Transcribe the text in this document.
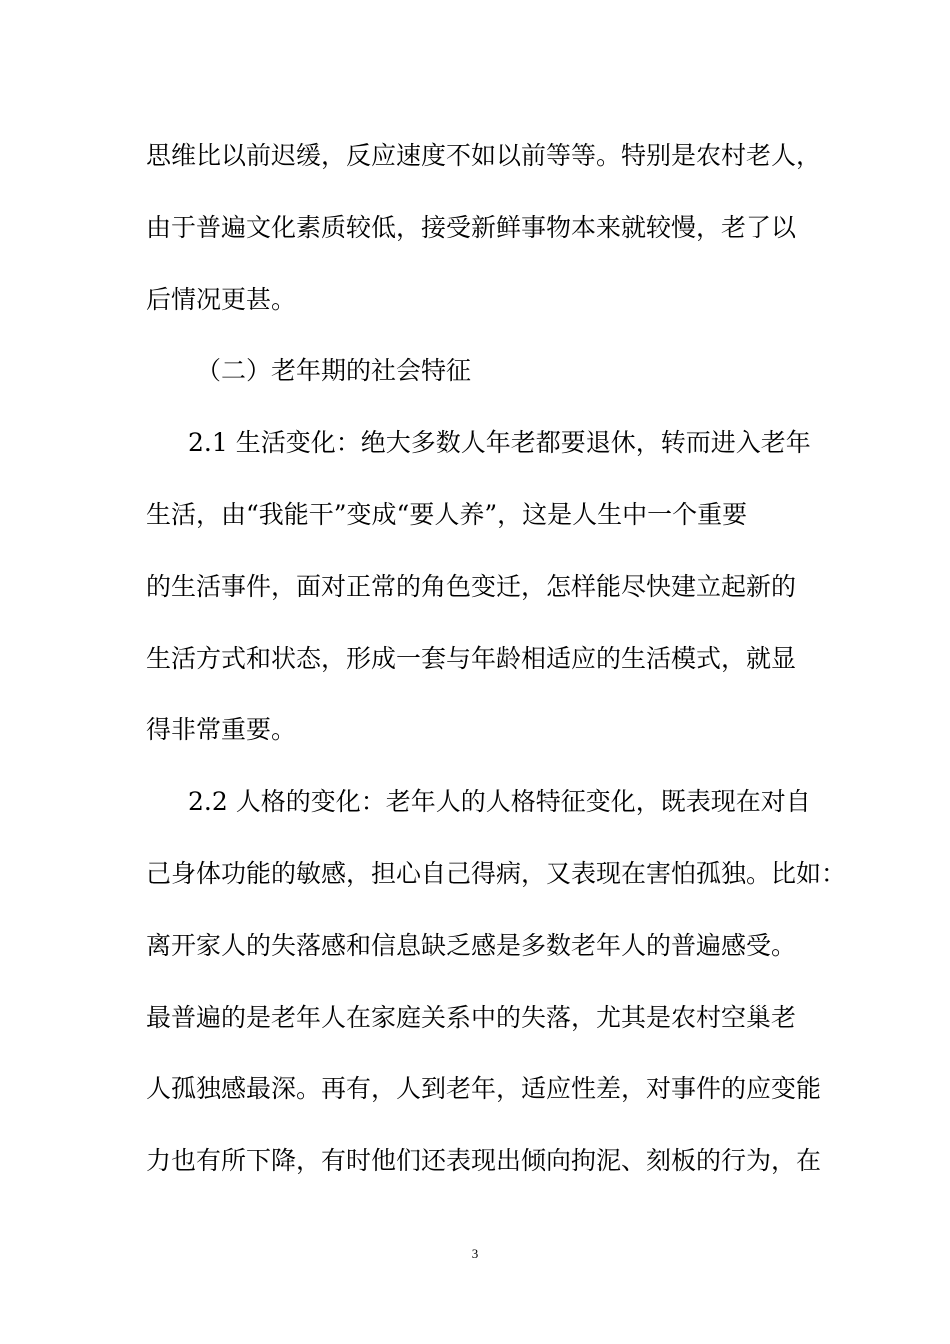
思维比以前迟缓，反应速度不如以前等等。特别是农村老人，
由于普遍文化素质较低，接受新鲜事物本来就较慢，老了以
后情况更甚。
（二）老年期的社会特征
2.1 生活变化：绝大多数人年老都要退休，转而进入老年
生活，由“我能干”变成“要人养”，这是人生中一个重要
的生活事件，面对正常的角色变迁，怎样能尽快建立起新的
生活方式和状态，形成一套与年龄相适应的生活模式，就显
得非常重要。
2.2 人格的变化：老年人的人格特征变化，既表现在对自
己身体功能的敏感，担心自己得病，又表现在害怕孤独。比如：
离开家人的失落感和信息缺乏感是多数老年人的普遍感受。
最普遍的是老年人在家庭关系中的失落，尤其是农村空巢老
人孤独感最深。再有，人到老年，适应性差，对事件的应变能
力也有所下降，有时他们还表现出倾向拘泥、刻板的行为，在
3
